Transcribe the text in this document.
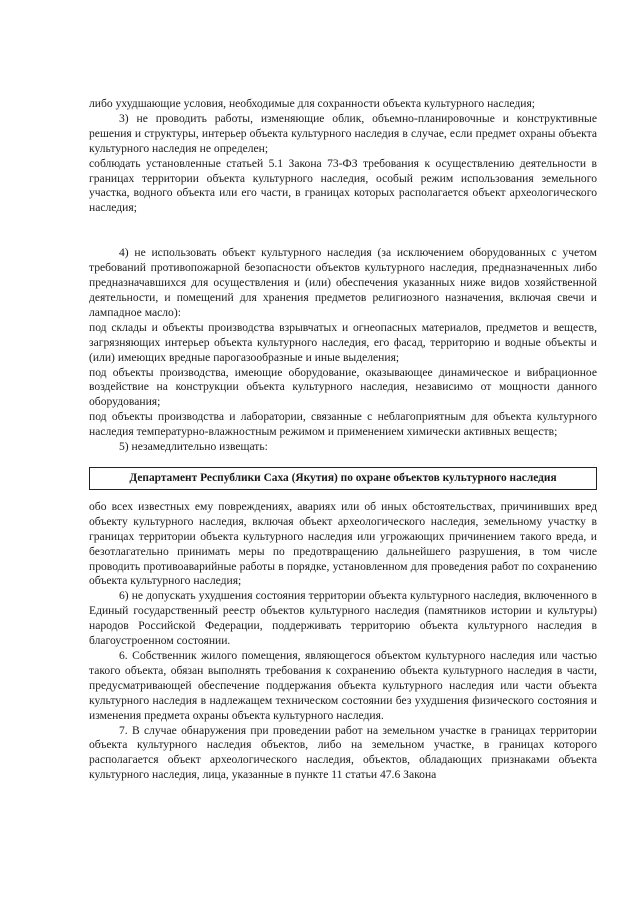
либо ухудшающие условия, необходимые для сохранности объекта культурного наследия;

3) не проводить работы, изменяющие облик, объемно-планировочные и конструктивные решения и структуры, интерьер объекта культурного наследия в случае, если предмет охраны объекта культурного наследия не определен;

соблюдать установленные статьей 5.1 Закона 73-ФЗ требования к осуществлению деятельности в границах территории объекта культурного наследия, особый режим использования земельного участка, водного объекта или его части, в границах которых располагается объект археологического наследия;

4) не использовать объект культурного наследия (за исключением оборудованных с учетом требований противопожарной безопасности объектов культурного наследия, предназначенных либо предназначавшихся для осуществления и (или) обеспечения указанных ниже видов хозяйственной деятельности, и помещений для хранения предметов религиозного назначения, включая свечи и лампадное масло):

под склады и объекты производства взрывчатых и огнеопасных материалов, предметов и веществ, загрязняющих интерьер объекта культурного наследия, его фасад, территорию и водные объекты и (или) имеющих вредные парогазообразные и иные выделения;

под объекты производства, имеющие оборудование, оказывающее динамическое и вибрационное воздействие на конструкции объекта культурного наследия, независимо от мощности данного оборудования;

под объекты производства и лаборатории, связанные с неблагоприятным для объекта культурного наследия температурно-влажностным режимом и применением химически активных веществ;

5) незамедлительно извещать:

Департамент Республики Саха (Якутия) по охране объектов культурного наследия

обо всех известных ему повреждениях, авариях или об иных обстоятельствах, причинивших вред объекту культурного наследия, включая объект археологического наследия, земельному участку в границах территории объекта культурного наследия или угрожающих причинением такого вреда, и безотлагательно принимать меры по предотвращению дальнейшего разрушения, в том числе проводить противоаварийные работы в порядке, установленном для проведения работ по сохранению объекта культурного наследия;

6) не допускать ухудшения состояния территории объекта культурного наследия, включенного в Единый государственный реестр объектов культурного наследия (памятников истории и культуры) народов Российской Федерации, поддерживать территорию объекта культурного наследия в благоустроенном состоянии.

6. Собственник жилого помещения, являющегося объектом культурного наследия или частью такого объекта, обязан выполнять требования к сохранению объекта культурного наследия в части, предусматривающей обеспечение поддержания объекта культурного наследия или части объекта культурного наследия в надлежащем техническом состоянии без ухудшения физического состояния и изменения предмета охраны объекта культурного наследия.

7. В случае обнаружения при проведении работ на земельном участке в границах территории объекта культурного наследия объектов, либо на земельном участке, в границах которого располагается объект археологического наследия, объектов, обладающих признаками объекта культурного наследия, лица, указанные в пункте 11 статьи 47.6 Закона
